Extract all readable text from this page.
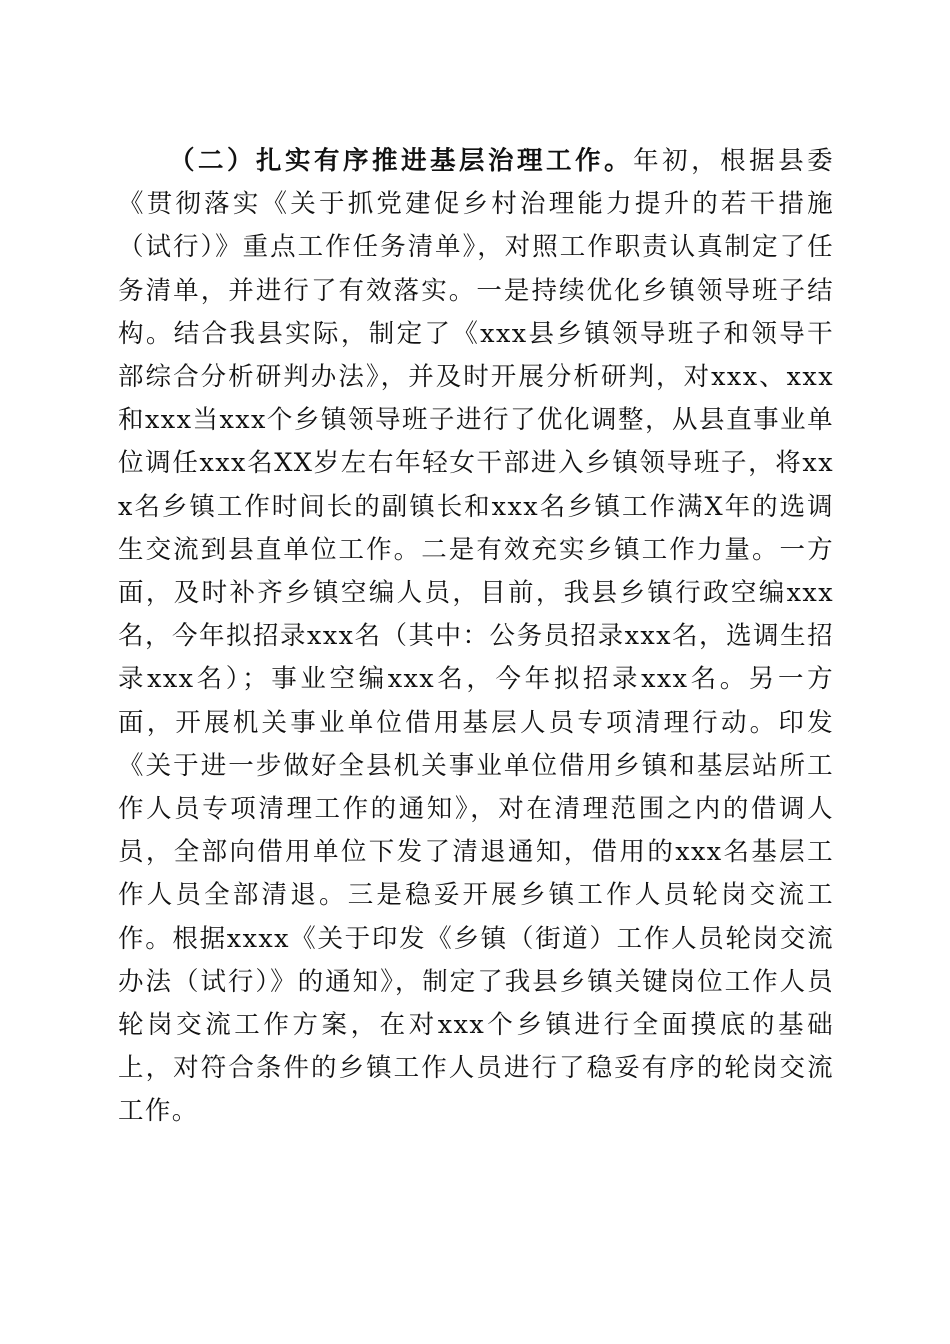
（二）扎实有序推进基层治理工作。年初，根据县委《贯彻落实《关于抓党建促乡村治理能力提升的若干措施（试行）》重点工作任务清单》，对照工作职责认真制定了任务清单，并进行了有效落实。一是持续优化乡镇领导班子结构。结合我县实际，制定了《xxx县乡镇领导班子和领导干部综合分析研判办法》，并及时开展分析研判，对xxx、xxx和xxx当xxx个乡镇领导班子进行了优化调整，从县直事业单位调任xxx名XX岁左右年轻女干部进入乡镇领导班子，将xxx名乡镇工作时间长的副镇长和xxx名乡镇工作满X年的选调生交流到县直单位工作。二是有效充实乡镇工作力量。一方面，及时补齐乡镇空编人员，目前，我县乡镇行政空编xxx名，今年拟招录xxx名（其中：公务员招录xxx名，选调生招录xxx名）；事业空编xxx名，今年拟招录xxx名。另一方面，开展机关事业单位借用基层人员专项清理行动。印发《关于进一步做好全县机关事业单位借用乡镇和基层站所工作人员专项清理工作的通知》，对在清理范围之内的借调人员，全部向借用单位下发了清退通知，借用的xxx名基层工作人员全部清退。三是稳妥开展乡镇工作人员轮岗交流工作。根据xxxx《关于印发《乡镇（街道）工作人员轮岗交流办法（试行）》的通知》，制定了我县乡镇关键岗位工作人员轮岗交流工作方案，在对xxx个乡镇进行全面摸底的基础上，对符合条件的乡镇工作人员进行了稳妥有序的轮岗交流工作。
